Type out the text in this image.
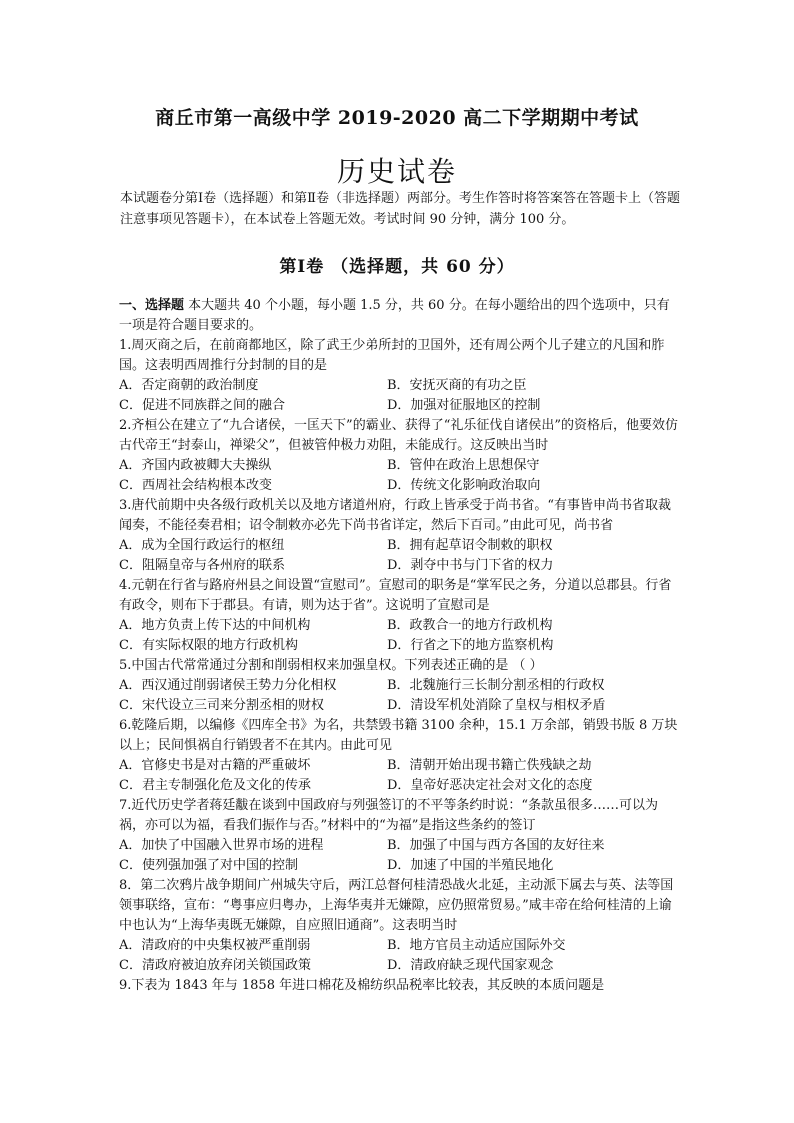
商丘市第一高级中学 2019-2020 高二下学期期中考试
历史试卷
本试题卷分第Ⅰ卷（选择题）和第Ⅱ卷（非选择题）两部分。考生作答时将答案答在答题卡上（答题注意事项见答题卡），在本试卷上答题无效。考试时间 90 分钟，满分 100 分。
第Ⅰ卷 （选择题，共 60 分）

一、选择题 本大题共 40 个小题，每小题 1.5 分，共 60 分。在每小题给出的四个选项中，只有一项是符合题目要求的。

1.周灭商之后，在前商都地区，除了武王少弟所封的卫国外，还有周公两个儿子建立的凡国和胙国。这表明西周推行分封制的目的是

A．否定商朝的政治制度	B．安抚灭商的有功之臣
C．促进不同族群之间的融合	D．加强对征服地区的控制

2.齐桓公在建立了“九合诸侯，一匡天下”的霸业、获得了“礼乐征伐自诸侯出”的资格后，他要效仿古代帝王“封泰山，禅梁父”，但被管仲极力劝阻，未能成行。这反映出当时

A．齐国内政被卿大夫操纵	B．管仲在政治上思想保守
C．西周社会结构根本改变	D．传统文化影响政治取向

3.唐代前期中央各级行政机关以及地方诸道州府，行政上皆承受于尚书省。“有事皆申尚书省取裁闻奏，不能径奏君相；诏令制敕亦必先下尚书省详定，然后下百司。”由此可见，尚书省

A．成为全国行政运行的枢纽	B．拥有起草诏令制敕的职权
C．阻隔皇帝与各州府的联系	D．剥夺中书与门下省的权力

4.元朝在行省与路府州县之间设置“宣慰司”。宣慰司的职务是“掌军民之务，分道以总郡县。行省有政令，则布下于郡县。有请，则为达于省”。这说明了宣慰司是

A．地方负责上传下达的中间机构	B．政教合一的地方行政机构
C．有实际权限的地方行政机构	D．行省之下的地方监察机构

5.中国古代常常通过分割和削弱相权来加强皇权。下列表述正确的是 （ ）

A．西汉通过削弱诸侯王势力分化相权	B．北魏施行三长制分割丞相的行政权
C．宋代设立三司来分割丞相的财权	D．清设军机处消除了皇权与相权矛盾

6.乾隆后期，以编修《四库全书》为名，共禁毁书籍 3100 余种，15.1 万余部，销毁书版 8 万块以上；民间惧祸自行销毁者不在其内。由此可见

A．官修史书是对古籍的严重破坏	B．清朝开始出现书籍亡佚残缺之劫
C．君主专制强化危及文化的传承	D．皇帝好恶决定社会对文化的态度

7.近代历史学者蒋廷黻在谈到中国政府与列强签订的不平等条约时说：“条款虽很多……可以为祸，亦可以为福，看我们振作与否。”材料中的“为福”是指这些条约的签订

A．加快了中国融入世界市场的进程	B．加强了中国与西方各国的友好往来
C．使列强加强了对中国的控制	D．加速了中国的半殖民地化

8．第二次鸦片战争期间广州城失守后，两江总督何桂清恐战火北延，主动派下属去与英、法等国领事联络，宣布：“粤事应归粤办，上海华夷并无嫌隙，应仍照常贸易。”咸丰帝在给何桂清的上谕中也认为“上海华夷既无嫌隙，自应照旧通商”。这表明当时

A．清政府的中央集权被严重削弱	B．地方官员主动适应国际外交
C．清政府被迫放弃闭关锁国政策	D．清政府缺乏现代国家观念

9.下表为 1843 年与 1858 年进口棉花及棉纺织品税率比较表，其反映的本质问题是
